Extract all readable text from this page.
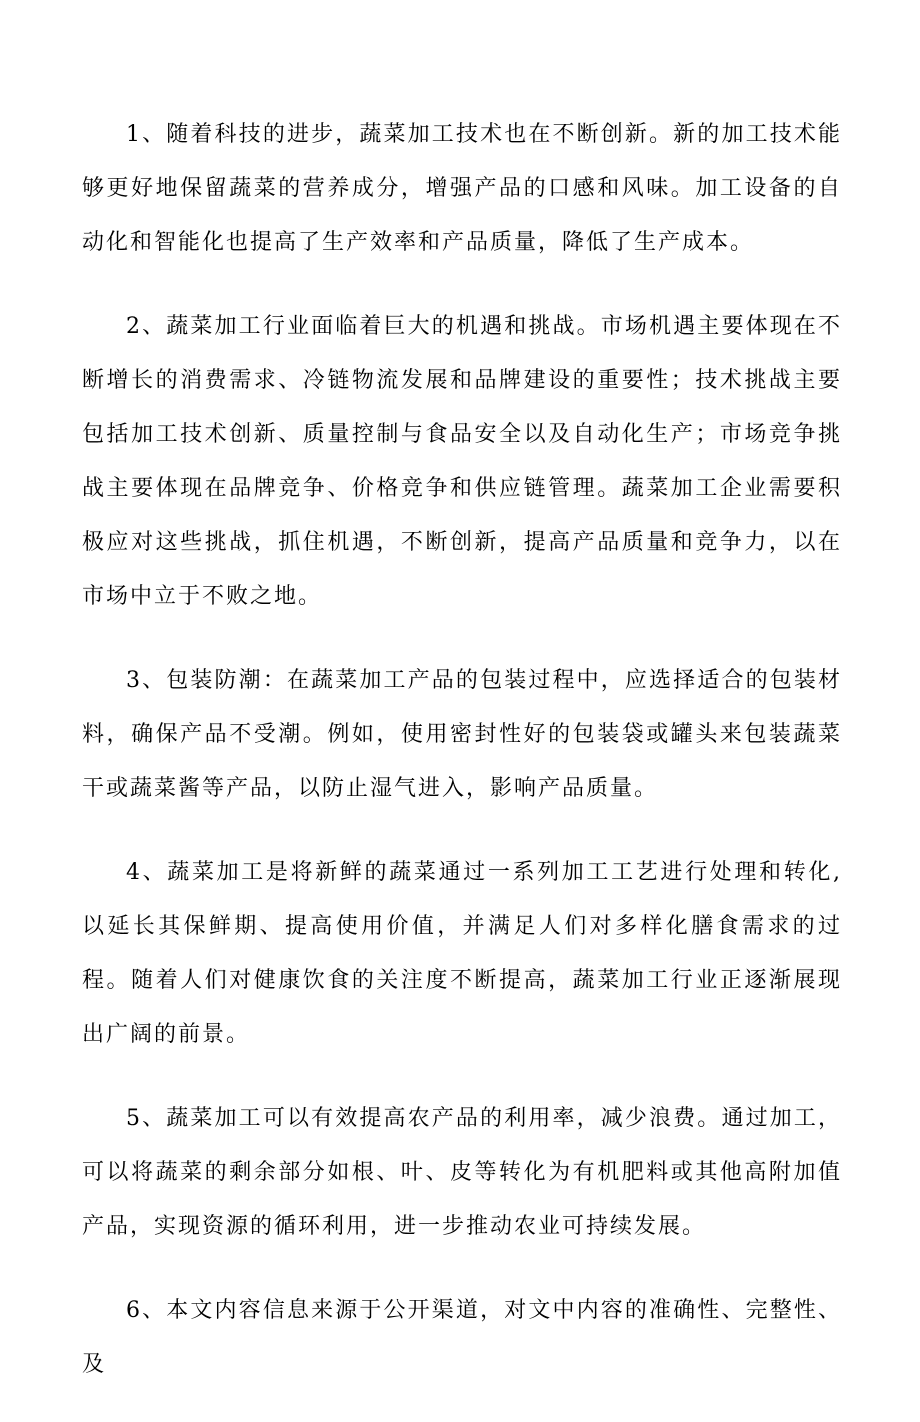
1、随着科技的进步，蔬菜加工技术也在不断创新。新的加工技术能够更好地保留蔬菜的营养成分，增强产品的口感和风味。加工设备的自动化和智能化也提高了生产效率和产品质量，降低了生产成本。

2、蔬菜加工行业面临着巨大的机遇和挑战。市场机遇主要体现在不断增长的消费需求、冷链物流发展和品牌建设的重要性；技术挑战主要包括加工技术创新、质量控制与食品安全以及自动化生产；市场竞争挑战主要体现在品牌竞争、价格竞争和供应链管理。蔬菜加工企业需要积极应对这些挑战，抓住机遇，不断创新，提高产品质量和竞争力，以在市场中立于不败之地。

3、包装防潮：在蔬菜加工产品的包装过程中，应选择适合的包装材料，确保产品不受潮。例如，使用密封性好的包装袋或罐头来包装蔬菜干或蔬菜酱等产品，以防止湿气进入，影响产品质量。

4、蔬菜加工是将新鲜的蔬菜通过一系列加工工艺进行处理和转化,以延长其保鲜期、提高使用价值，并满足人们对多样化膳食需求的过程。随着人们对健康饮食的关注度不断提高，蔬菜加工行业正逐渐展现出广阔的前景。

5、蔬菜加工可以有效提高农产品的利用率，减少浪费。通过加工，可以将蔬菜的剩余部分如根、叶、皮等转化为有机肥料或其他高附加值产品，实现资源的循环利用，进一步推动农业可持续发展。

6、本文内容信息来源于公开渠道，对文中内容的准确性、完整性、及
